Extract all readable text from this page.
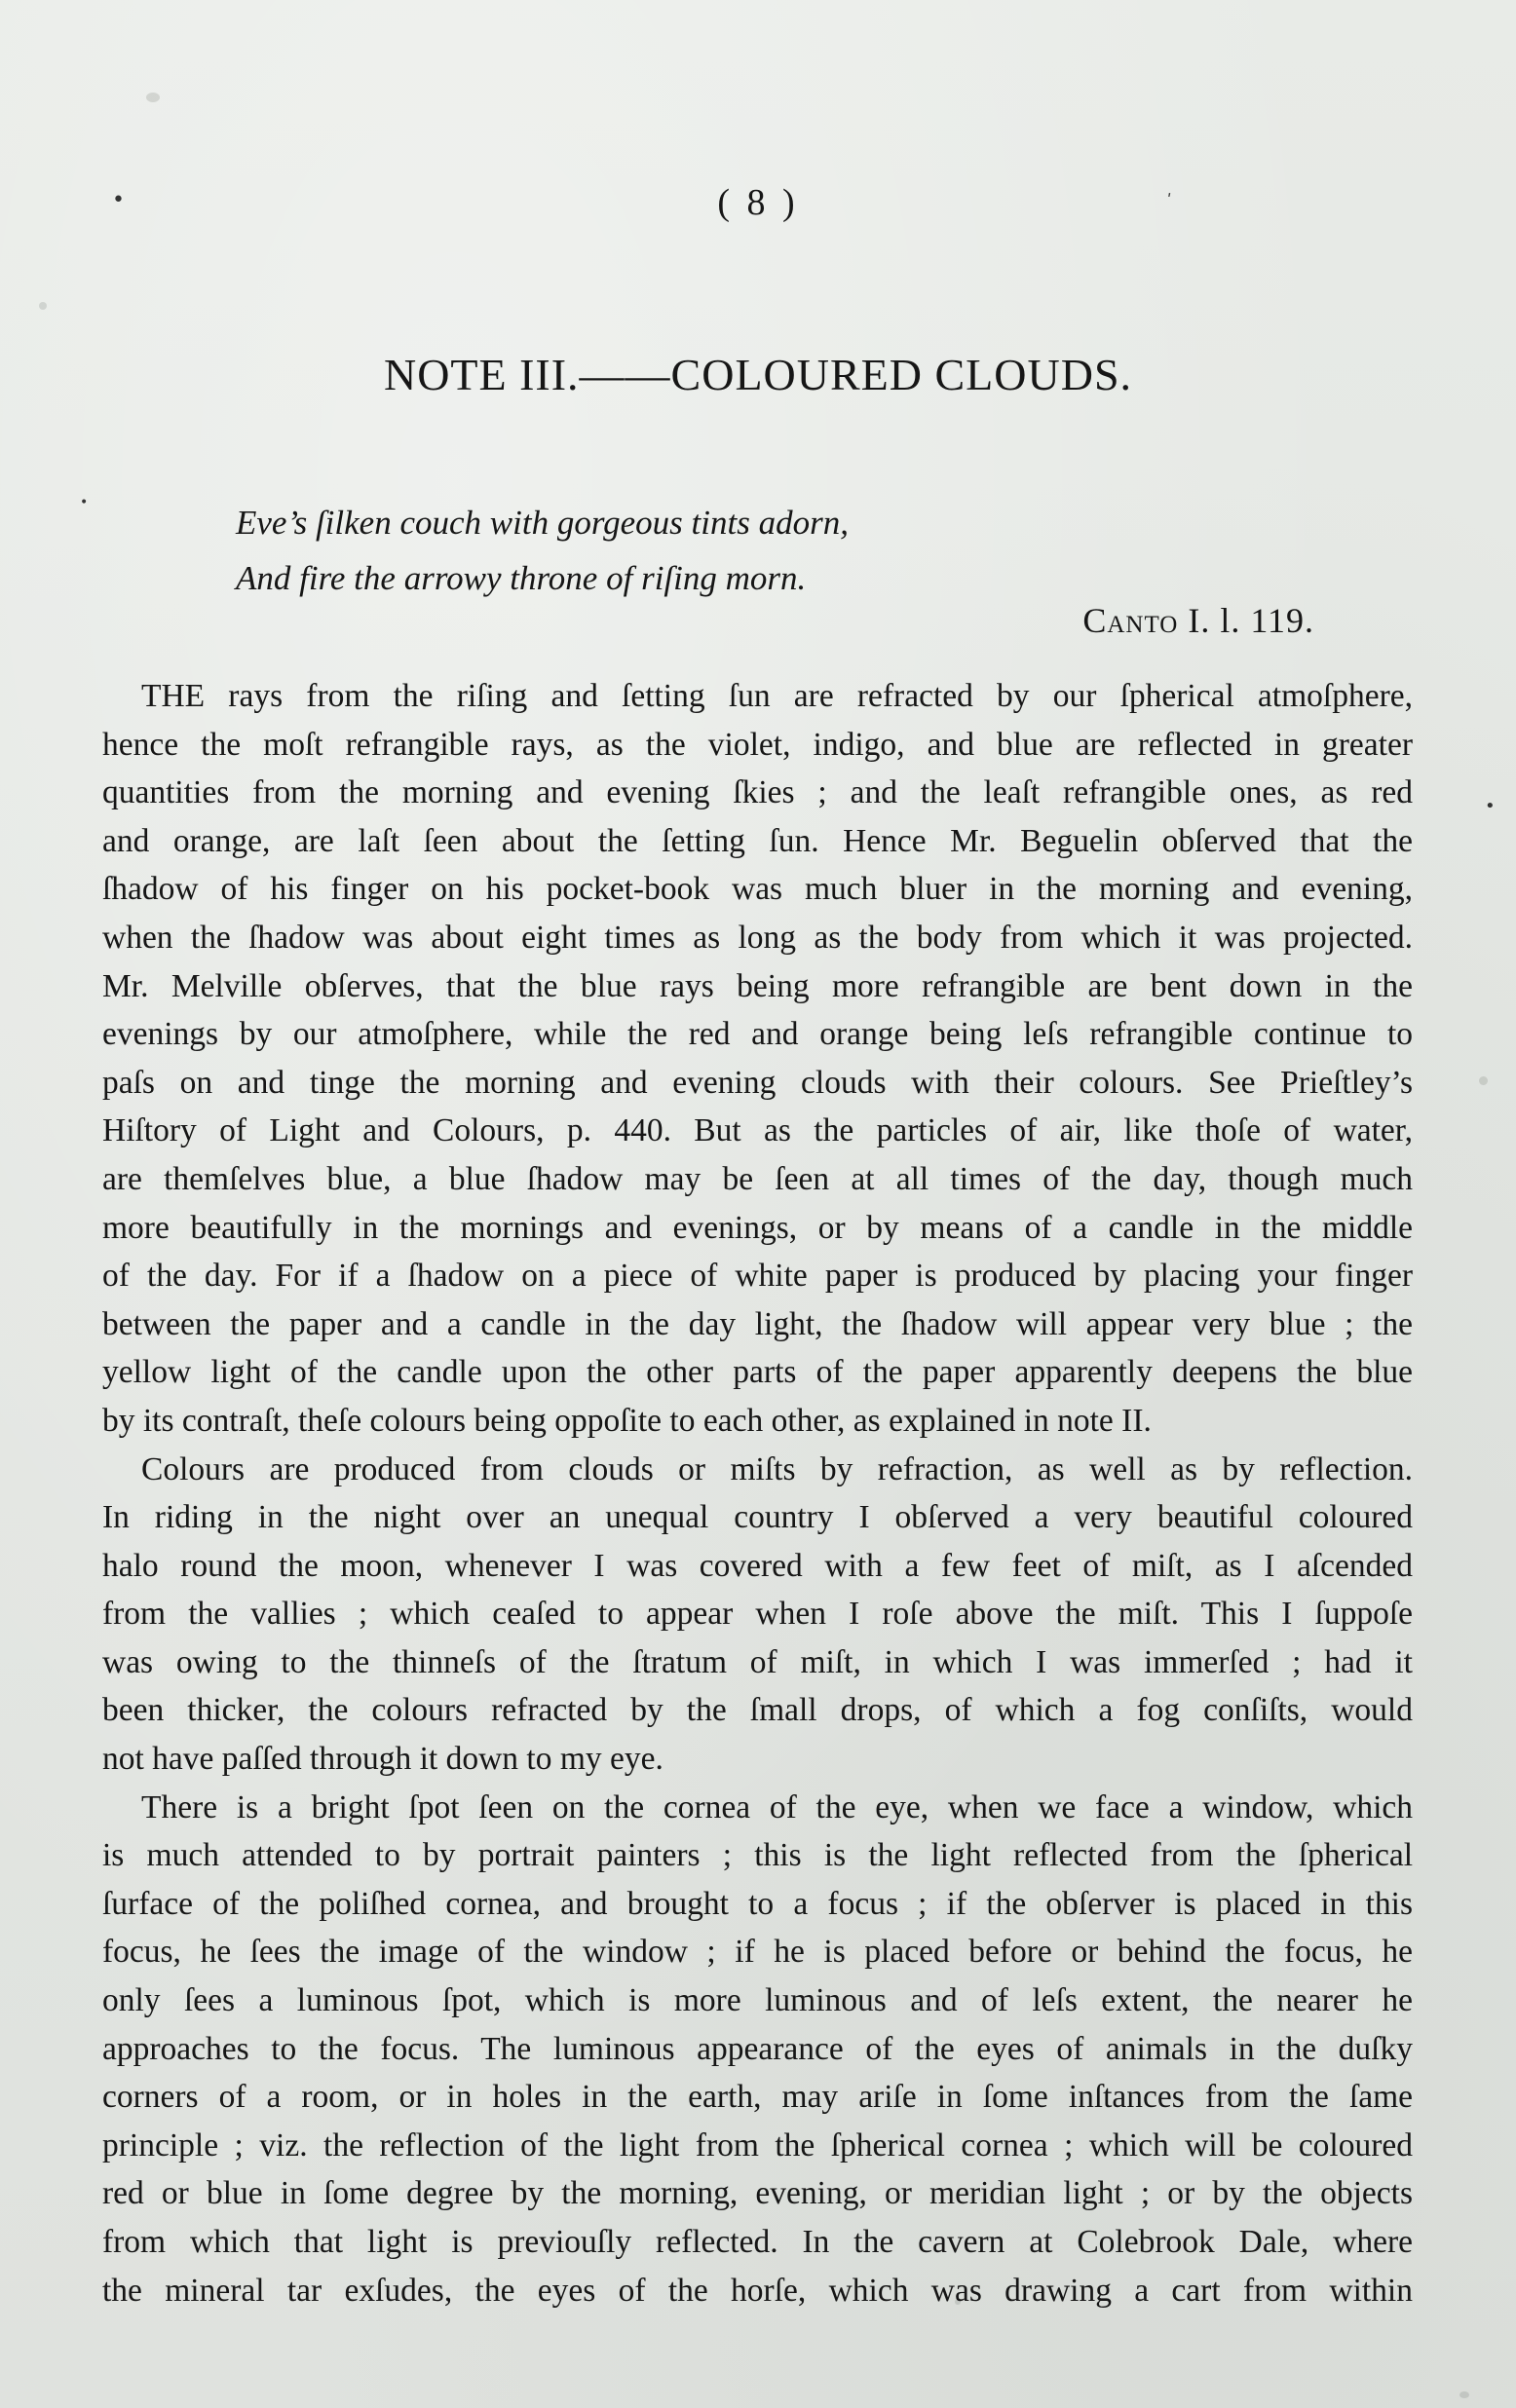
•	ʹ
•
•
( 8 )
NOTE III.——COLOURED CLOUDS.
Eve’s ſilken couch with gorgeous tints adorn,
And fire the arrowy throne of riſing morn.
Canto I. l. 119.
THE rays from the riſing and ſetting ſun are refracted by our ſpherical atmoſphere,
hence the moſt refrangible rays, as the violet, indigo, and blue are reflected in greater
quantities from the morning and evening ſkies ; and the leaſt refrangible ones, as red
and orange, are laſt ſeen about the ſetting ſun. Hence Mr. Beguelin obſerved that the
ſhadow of his finger on his pocket-book was much bluer in the morning and evening,
when the ſhadow was about eight times as long as the body from which it was projected.
Mr. Melville obſerves, that the blue rays being more refrangible are bent down in the
evenings by our atmoſphere, while the red and orange being leſs refrangible continue to
paſs on and tinge the morning and evening clouds with their colours. See Prieſtley’s
Hiſtory of Light and Colours, p. 440. But as the particles of air, like thoſe of water,
are themſelves blue, a blue ſhadow may be ſeen at all times of the day, though much
more beautifully in the mornings and evenings, or by means of a candle in the middle
of the day. For if a ſhadow on a piece of white paper is produced by placing your finger
between the paper and a candle in the day light, the ſhadow will appear very blue ; the
yellow light of the candle upon the other parts of the paper apparently deepens the blue
by its contraſt, theſe colours being oppoſite to each other, as explained in note II.
Colours are produced from clouds or miſts by refraction, as well as by reflection.
In riding in the night over an unequal country I obſerved a very beautiful coloured
halo round the moon, whenever I was covered with a few feet of miſt, as I aſcended
from the vallies ; which ceaſed to appear when I roſe above the miſt. This I ſuppoſe
was owing to the thinneſs of the ſtratum of miſt, in which I was immerſed ; had it
been thicker, the colours refracted by the ſmall drops, of which a fog conſiſts, would
not have paſſed through it down to my eye.
There is a bright ſpot ſeen on the cornea of the eye, when we face a window, which
is much attended to by portrait painters ; this is the light reflected from the ſpherical
ſurface of the poliſhed cornea, and brought to a focus ; if the obſerver is placed in this
focus, he ſees the image of the window ; if he is placed before or behind the focus, he
only ſees a luminous ſpot, which is more luminous and of leſs extent, the nearer he
approaches to the focus. The luminous appearance of the eyes of animals in the duſky
corners of a room, or in holes in the earth, may ariſe in ſome inſtances from the ſame
principle ; viz. the reflection of the light from the ſpherical cornea ; which will be coloured
red or blue in ſome degree by the morning, evening, or meridian light ; or by the objects
from which that light is previouſly reflected. In the cavern at Colebrook Dale, where
the mineral tar exſudes, the eyes of the horſe, which was drawing a cart from within
